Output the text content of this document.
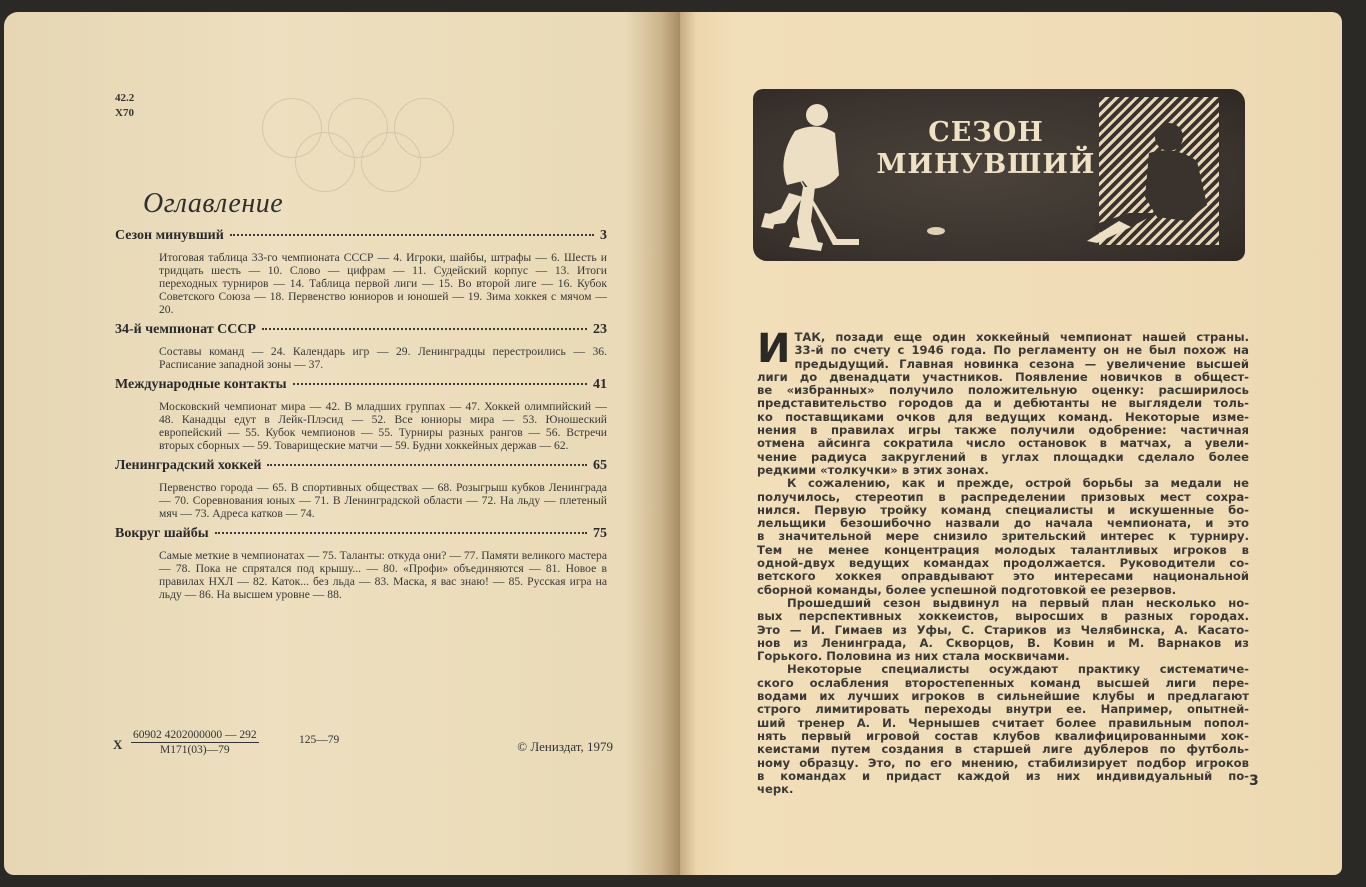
42.2
X70
Оглавление
Сезон минувший	3
Итоговая таблица 33-го чемпионата СССР — 4. Игроки, шайбы, штрафы — 6. Шесть и тридцать шесть — 10. Слово — цифрам — 11. Судейский корпус — 13. Итоги переходных турниров — 14. Таблица первой лиги — 15. Во второй лиге — 16. Кубок Советского Союза — 18. Первенство юниоров и юношей — 19. Зима хоккея с мячом — 20.
34-й чемпионат СССР	23
Составы команд — 24. Календарь игр — 29. Ленинградцы перестроились — 36. Расписание западной зоны — 37.
Международные контакты	41
Московский чемпионат мира — 42. В младших группах — 47. Хоккей олимпийский — 48. Канадцы едут в Лейк-Плэсид — 52. Все юниоры мира — 53. Юношеский европейский — 55. Кубок чемпионов — 55. Турниры разных рангов — 56. Встречи вторых сборных — 59. Товарищеские матчи — 59. Будни хоккейных держав — 62.
Ленинградский хоккей	65
Первенство города — 65. В спортивных обществах — 68. Розыгрыш кубков Ленинграда — 70. Соревнования юных — 71. В Ленинградской области — 72. На льду — плетеный мяч — 73. Адреса катков — 74.
Вокруг шайбы	75
Самые меткие в чемпионатах — 75. Таланты: откуда они? — 77. Памяти великого мастера — 78. Пока не спрятался под крышу... — 80. «Профи» объединяются — 81. Новое в правилах НХЛ — 82. Каток... без льда — 83. Маска, я вас знаю! — 85. Русская игра на льду — 86. На высшем уровне — 88.
Х
60902 4202000000 — 292
М171(03)—79
125—79	© Лениздат, 1979
СЕЗОН
МИНУВШИЙ
И ТАК, позади еще один хоккейный чемпионат нашей страны.
33-й по счету с 1946 года. По регламенту он не был похож на
предыдущий. Главная новинка сезона — увеличение высшей
лиги до двенадцати участников. Появление новичков в общест-
ве «избранных» получило положительную оценку: расширилось
представительство городов да и дебютанты не выглядели толь-
ко поставщиками очков для ведущих команд. Некоторые изме-
нения в правилах игры также получили одобрение: частичная
отмена айсинга сократила число остановок в матчах, а увели-
чение радиуса закруглений в углах площадки сделало более
редкими «толкучки» в этих зонах.
К сожалению, как и прежде, острой борьбы за медали не
получилось, стереотип в распределении призовых мест сохра-
нился. Первую тройку команд специалисты и искушенные бо-
лельщики безошибочно назвали до начала чемпионата, и это
в значительной мере снизило зрительский интерес к турниру.
Тем не менее концентрация молодых талантливых игроков в
одной-двух ведущих командах продолжается. Руководители со-
ветского хоккея оправдывают это интересами национальной
сборной команды, более успешной подготовкой ее резервов.
Прошедший сезон выдвинул на первый план несколько но-
вых перспективных хоккеистов, выросших в разных городах.
Это — И. Гимаев из Уфы, С. Стариков из Челябинска, А. Касато-
нов из Ленинграда, А. Скворцов, В. Ковин и М. Варнаков из
Горького. Половина из них стала москвичами.
Некоторые специалисты осуждают практику систематиче-
ского ослабления второстепенных команд высшей лиги пере-
водами их лучших игроков в сильнейшие клубы и предлагают
строго лимитировать переходы внутри ее. Например, опытней-
ший тренер А. И. Чернышев считает более правильным попол-
нять первый игровой состав клубов квалифицированными хок-
кеистами путем создания в старшей лиге дублеров по футболь-
ному образцу. Это, по его мнению, стабилизирует подбор игроков
в командах и придаст каждой из них индивидуальный по-
черк.
3
